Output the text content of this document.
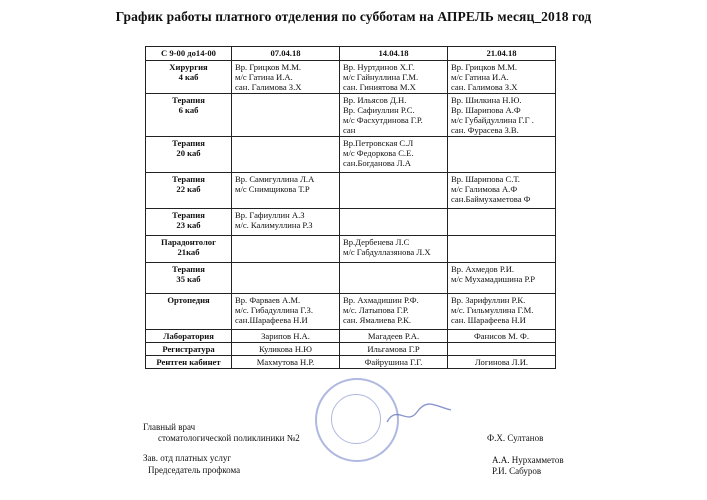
График работы платного отделения по субботам на АПРЕЛЬ месяц_2018 год
С 9-00 до14-00	07.04.18	14.04.18	21.04.18

Хирургия
4 каб	Вр. Грицков М.М.
м/с Гатина И.А.
сан. Галимова З.Х	Вр. Нуртдинов Х.Г.
м/с Гайнуллина Г.М.
сан. Гиниятова М.Х	Вр. Грицков М.М.
м/с Гатина И.А.
сан. Галимова З.Х

Терапия
6 каб		Вр. Ильясов Д.Н.
Вр. Сафиуллин Р.С.
м/с Фасхутдинова Г.Р.
сан	Вр. Шилкина Н.Ю.
Вр. Шарипова А.Ф
м/с Губайдуллина Г.Г .
сан. Фурасева З.В.

Терапия
20 каб		Вр.Петровская С.Л
м/с Федоркова С.Е.
сан.Богданова Л.А	

Терапия
22 каб	Вр. Самигуллина Л.А
м/с Снимщикова Т.Р		Вр. Шарипова С.Т.
м/с Галимова А.Ф
сан.Баймухаметова Ф

Терапия
23 каб	Вр. Гафиуллин А.З
м/с. Калимуллина Р.З		

Парадонтолог
21каб		Вр.Дербенева Л.С
м/с Габдуллазянова Л.Х	

Терапия
35 каб			Вр. Ахмедов Р.И.
м/с Мухамадишина Р.Р

Ортопедия	Вр. Фарваев А.М.
м/с. Гибадуллина Г.З.
сан.Шарафеева Н.И	Вр. Ахмадишин Р.Ф.
м/с. Латыпова Г.Р.
сан. Ямалиева Р.К.	Вр. Зарифуллин Р.К.
м/с. Гильмуллина Г.М.
сан. Шарафеева Н.И

Лаборатория	Зарипов Н.А.	Магадеев Р.А.	Фанисов М. Ф.
Регистратура	Куликова Н.Ю	Ильгамова Г.Р	
Рентген кабинет	Махмутова Н.Р.	Файрушина Г.Г.	Логинова Л.И.
Главный врач
стоматологической поликлиники №2
Зав. отд платных услуг
Председатель профкома
Ф.Х. Султанов
А.А. Нурхамметов
Р.И. Сабуров
